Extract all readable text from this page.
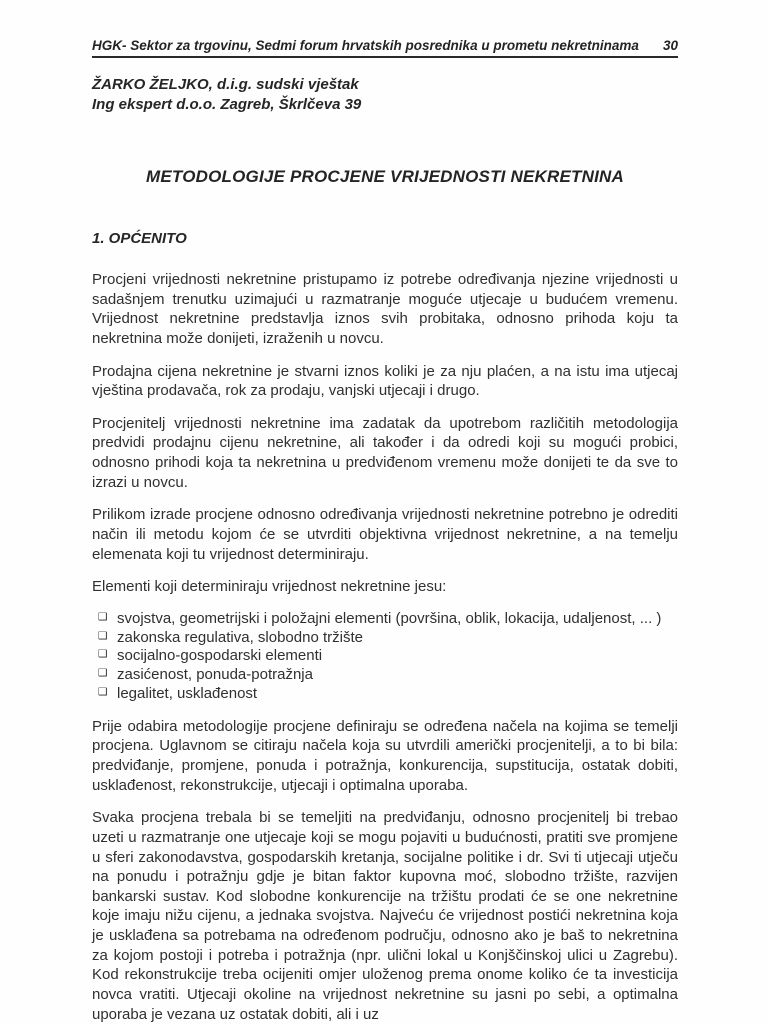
HGK- Sektor za trgovinu, Sedmi forum hrvatskih posrednika u prometu nekretninama	30
ŽARKO ŽELJKO, d.i.g. sudski vještak
Ing ekspert d.o.o. Zagreb, Škrlčeva 39
METODOLOGIJE PROCJENE VRIJEDNOSTI NEKRETNINA
1. OPĆENITO

Procjeni vrijednosti nekretnine pristupamo iz potrebe određivanja njezine vrijednosti u sadašnjem trenutku uzimajući u razmatranje moguće utjecaje u budućem vremenu. Vrijednost nekretnine predstavlja iznos svih probitaka, odnosno prihoda koju ta nekretnina može donijeti, izraženih u novcu.

Prodajna cijena nekretnine je stvarni iznos koliki je za nju plaćen, a na istu ima utjecaj vještina prodavača, rok za prodaju, vanjski utjecaji i drugo.

Procjenitelj vrijednosti nekretnine ima zadatak da upotrebom različitih metodologija predvidi prodajnu cijenu nekretnine, ali također i da odredi koji su mogući probici, odnosno prihodi koja ta nekretnina u predviđenom vremenu može donijeti te da sve to izrazi u novcu.

Prilikom izrade procjene odnosno određivanja vrijednosti nekretnine potrebno je odrediti način ili metodu kojom će se utvrditi objektivna vrijednost nekretnine, a na temelju elemenata koji tu vrijednost determiniraju.

Elementi koji determiniraju vrijednost nekretnine jesu:

❑ svojstva, geometrijski i položajni elementi (površina, oblik, lokacija, udaljenost, ... )
❑ zakonska regulativa, slobodno tržište
❑ socijalno-gospodarski elementi
❑ zasićenost, ponuda-potražnja
❑ legalitet, usklađenost

Prije odabira metodologije procjene definiraju se određena načela na kojima se temelji procjena. Uglavnom se citiraju načela koja su utvrdili američki procjenitelji, a to bi bila: predviđanje, promjene, ponuda i potražnja, konkurencija, supstitucija, ostatak dobiti, usklađenost, rekonstrukcije, utjecaji i optimalna uporaba.

Svaka procjena trebala bi se temeljiti na predviđanju, odnosno procjenitelj bi trebao uzeti u razmatranje one utjecaje koji se mogu pojaviti u budućnosti, pratiti sve promjene u sferi zakonodavstva, gospodarskih kretanja, socijalne politike i dr. Svi ti utjecaji utječu na ponudu i potražnju gdje je bitan faktor kupovna moć, slobodno tržište, razvijen bankarski sustav. Kod slobodne konkurencije na tržištu prodati će se one nekretnine koje imaju nižu cijenu, a jednaka svojstva. Najveću će vrijednost postići nekretnina koja je usklađena sa potrebama na određenom području, odnosno ako je baš to nekretnina za kojom postoji i potreba i potražnja (npr. ulični lokal u Konjščinskoj ulici u Zagrebu). Kod rekonstrukcije treba ocijeniti omjer uloženog prema onome koliko će ta investicija novca vratiti. Utjecaji okoline na vrijednost nekretnine su jasni po sebi, a optimalna uporaba je vezana uz ostatak dobiti, ali i uz
